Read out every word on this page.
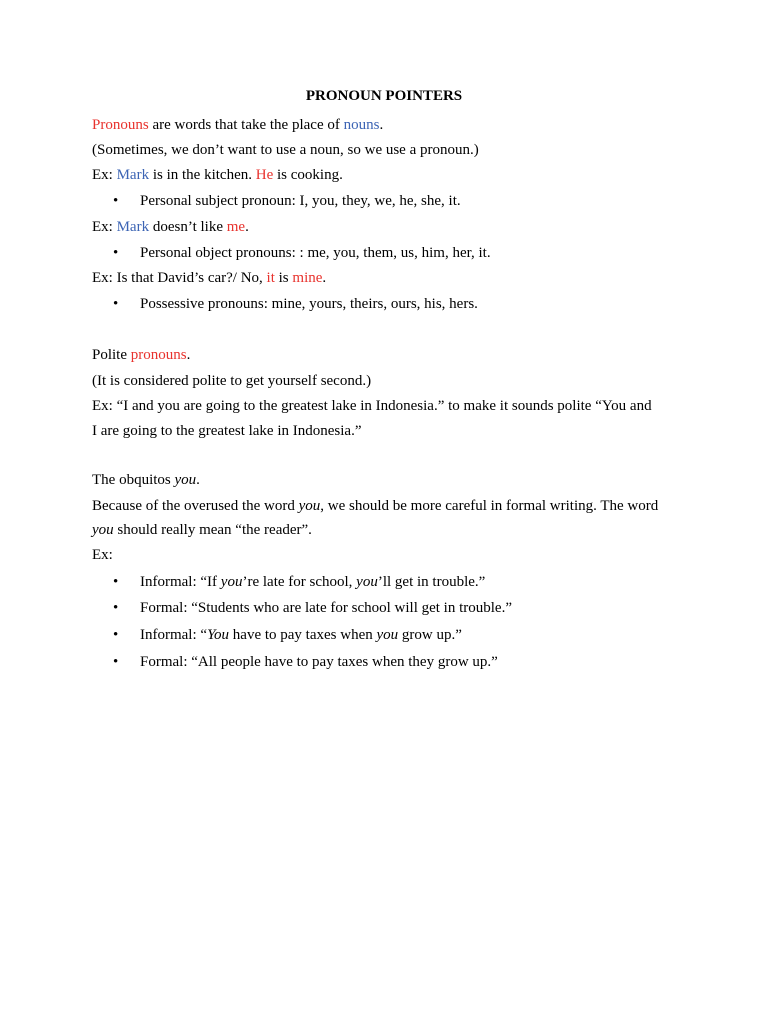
PRONOUN POINTERS
Pronouns are words that take the place of nouns.
(Sometimes, we don’t want to use a noun, so we use a pronoun.)
Ex: Mark is in the kitchen. He is cooking.
• Personal subject pronoun: I, you, they, we, he, she, it.
Ex: Mark doesn’t like me.
• Personal object pronouns: : me, you, them, us, him, her, it.
Ex: Is that David’s car?/ No, it is mine.
• Possessive pronouns: mine, yours, theirs, ours, his, hers.
Polite pronouns.
(It is considered polite to get yourself second.)
Ex: “I and you are going to the greatest lake in Indonesia.” to make it sounds polite “You and
I are going to the greatest lake in Indonesia.”
The obquitos you.
Because of the overused the word you, we should be more careful in formal writing. The word
you should really mean “the reader”.
Ex:
• Informal: “If you’re late for school, you’ll get in trouble.”
• Formal: “Students who are late for school will get in trouble.”
• Informal: “You have to pay taxes when you grow up.”
• Formal: “All people have to pay taxes when they grow up.”
